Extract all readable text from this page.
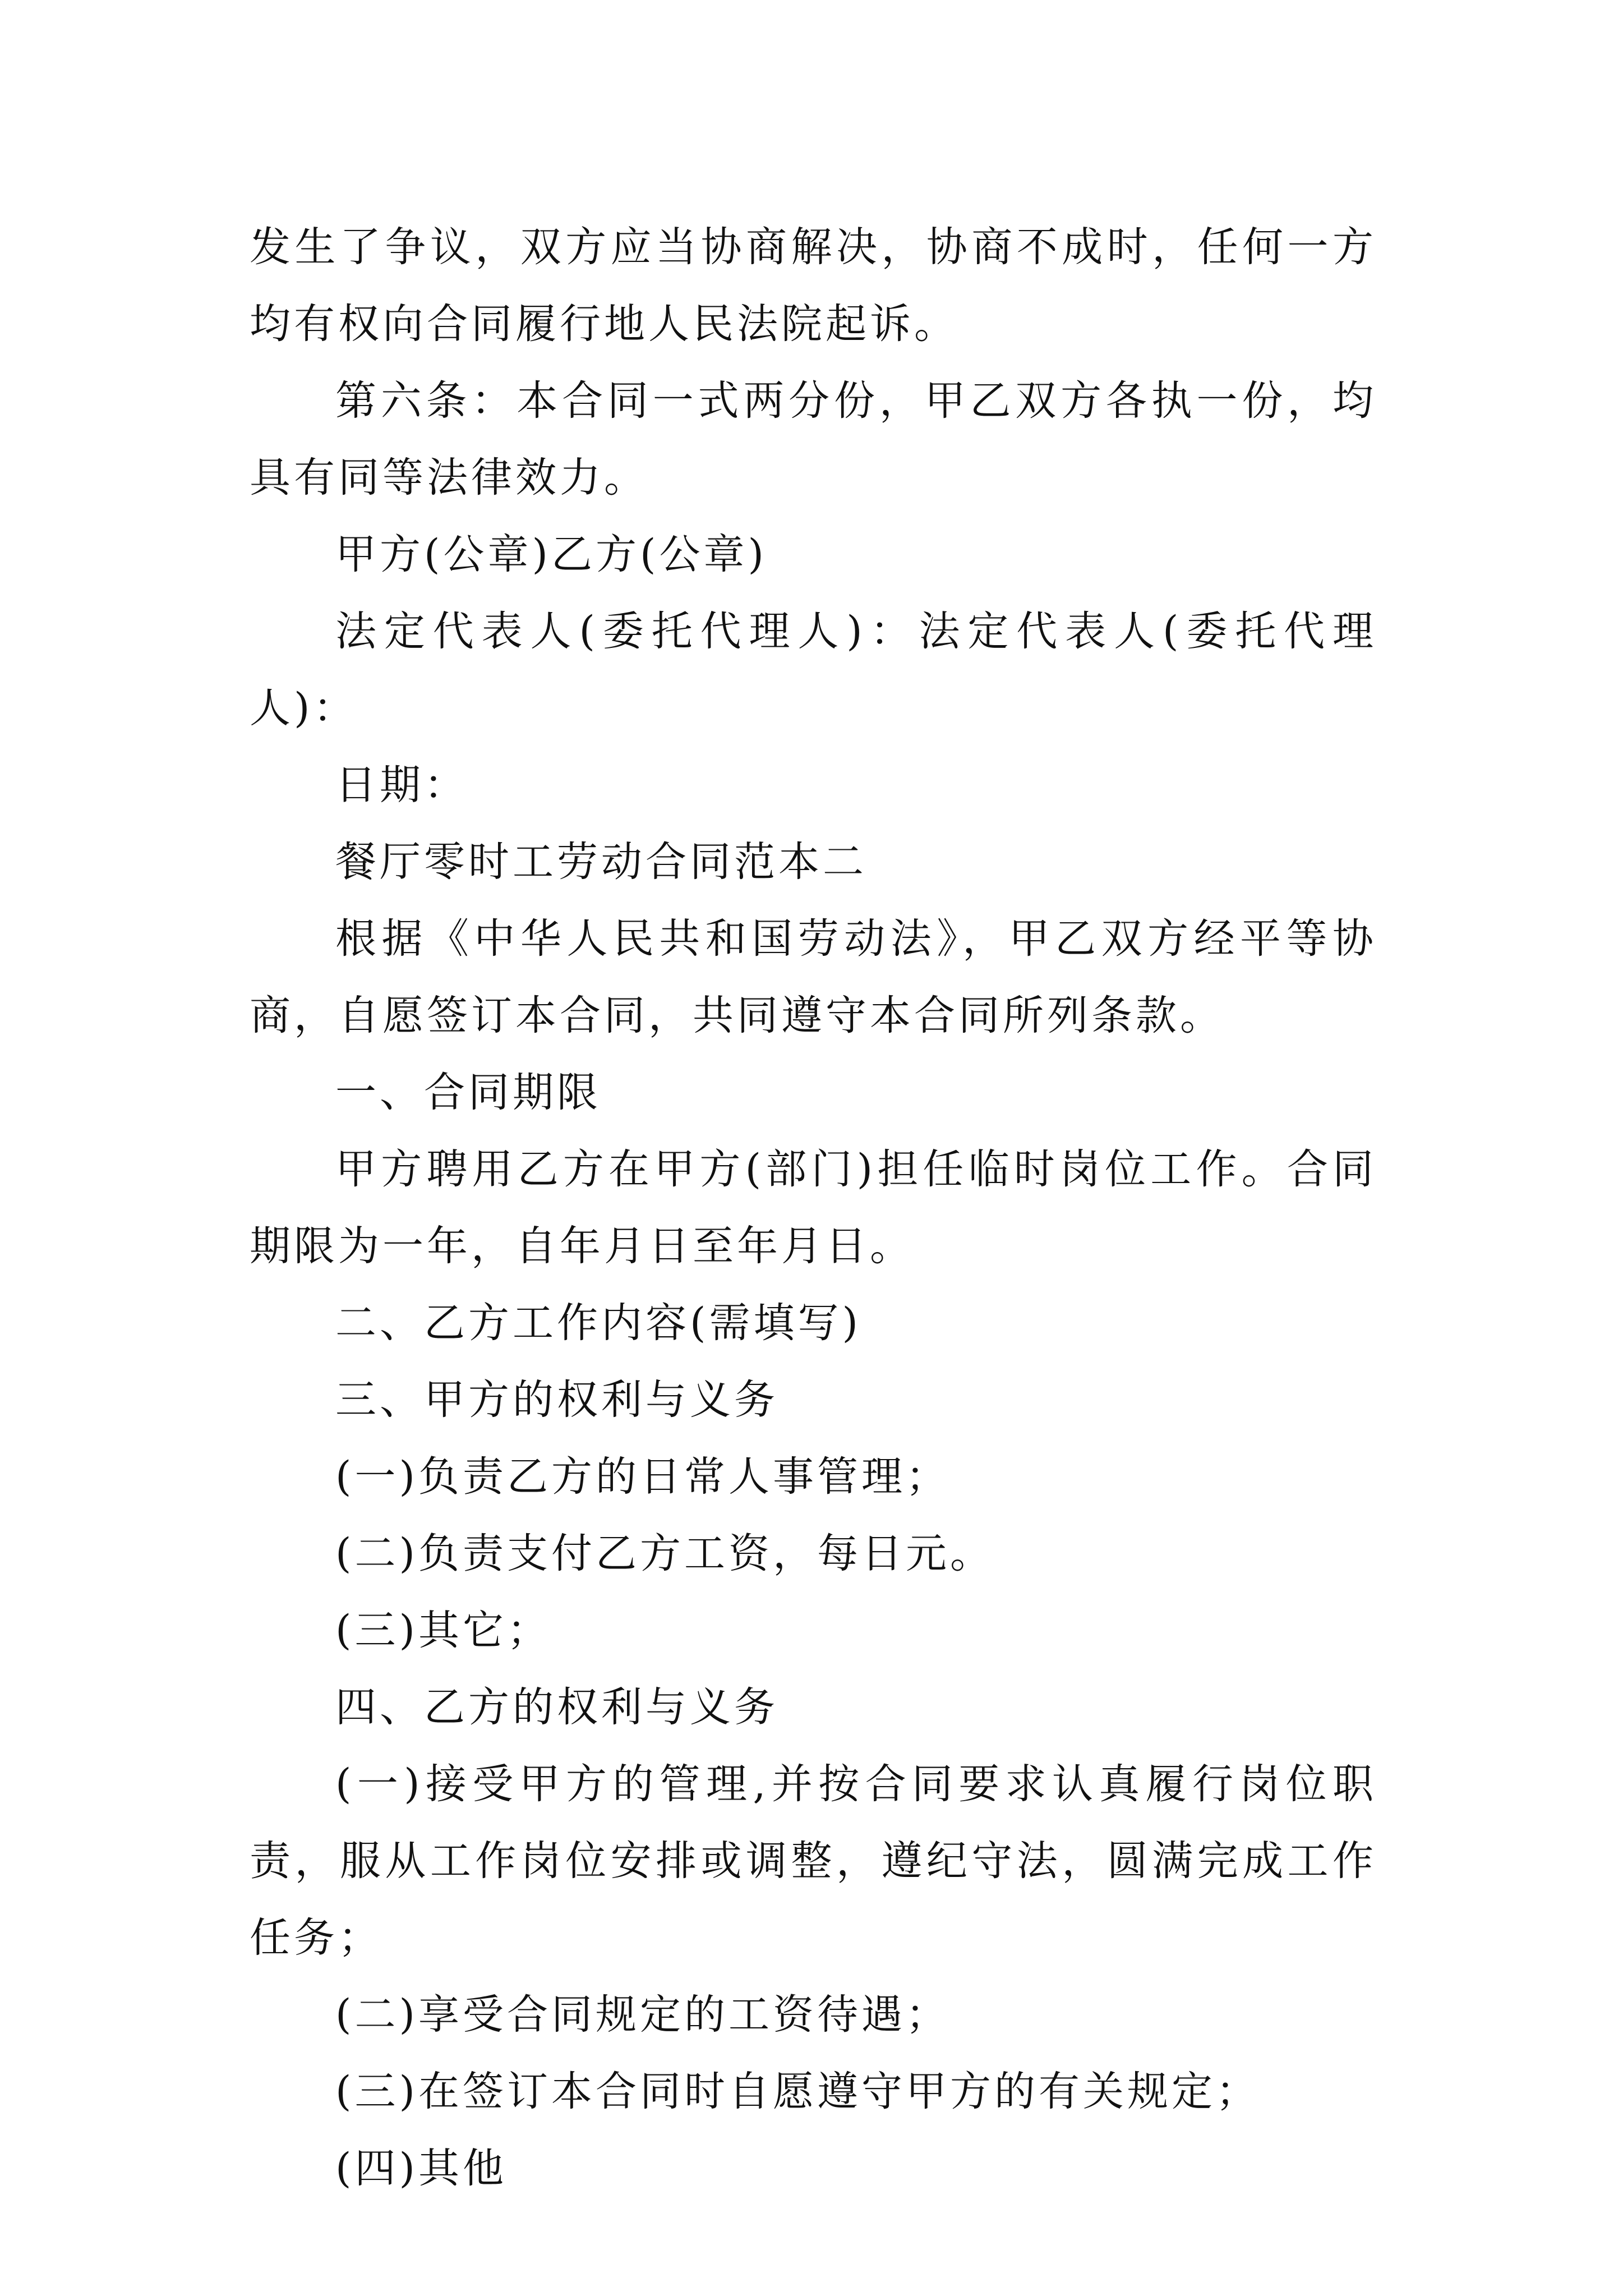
发生了争议，双方应当协商解决，协商不成时，任何一方均有权向合同履行地人民法院起诉。

第六条：本合同一式两分份，甲乙双方各执一份，均具有同等法律效力。

甲方(公章)乙方(公章)

法定代表人(委托代理人)：法定代表人(委托代理人)：

日期：

餐厅零时工劳动合同范本二

根据《中华人民共和国劳动法》，甲乙双方经平等协商，自愿签订本合同，共同遵守本合同所列条款。

一、合同期限

甲方聘用乙方在甲方(部门)担任临时岗位工作。合同期限为一年，自年月日至年月日。

二、乙方工作内容(需填写)

三、甲方的权利与义务

(一)负责乙方的日常人事管理；

(二)负责支付乙方工资，每日元。

(三)其它；

四、乙方的权利与义务

(一)接受甲方的管理,并按合同要求认真履行岗位职责，服从工作岗位安排或调整，遵纪守法，圆满完成工作任务；

(二)享受合同规定的工资待遇；

(三)在签订本合同时自愿遵守甲方的有关规定；

(四)其他
